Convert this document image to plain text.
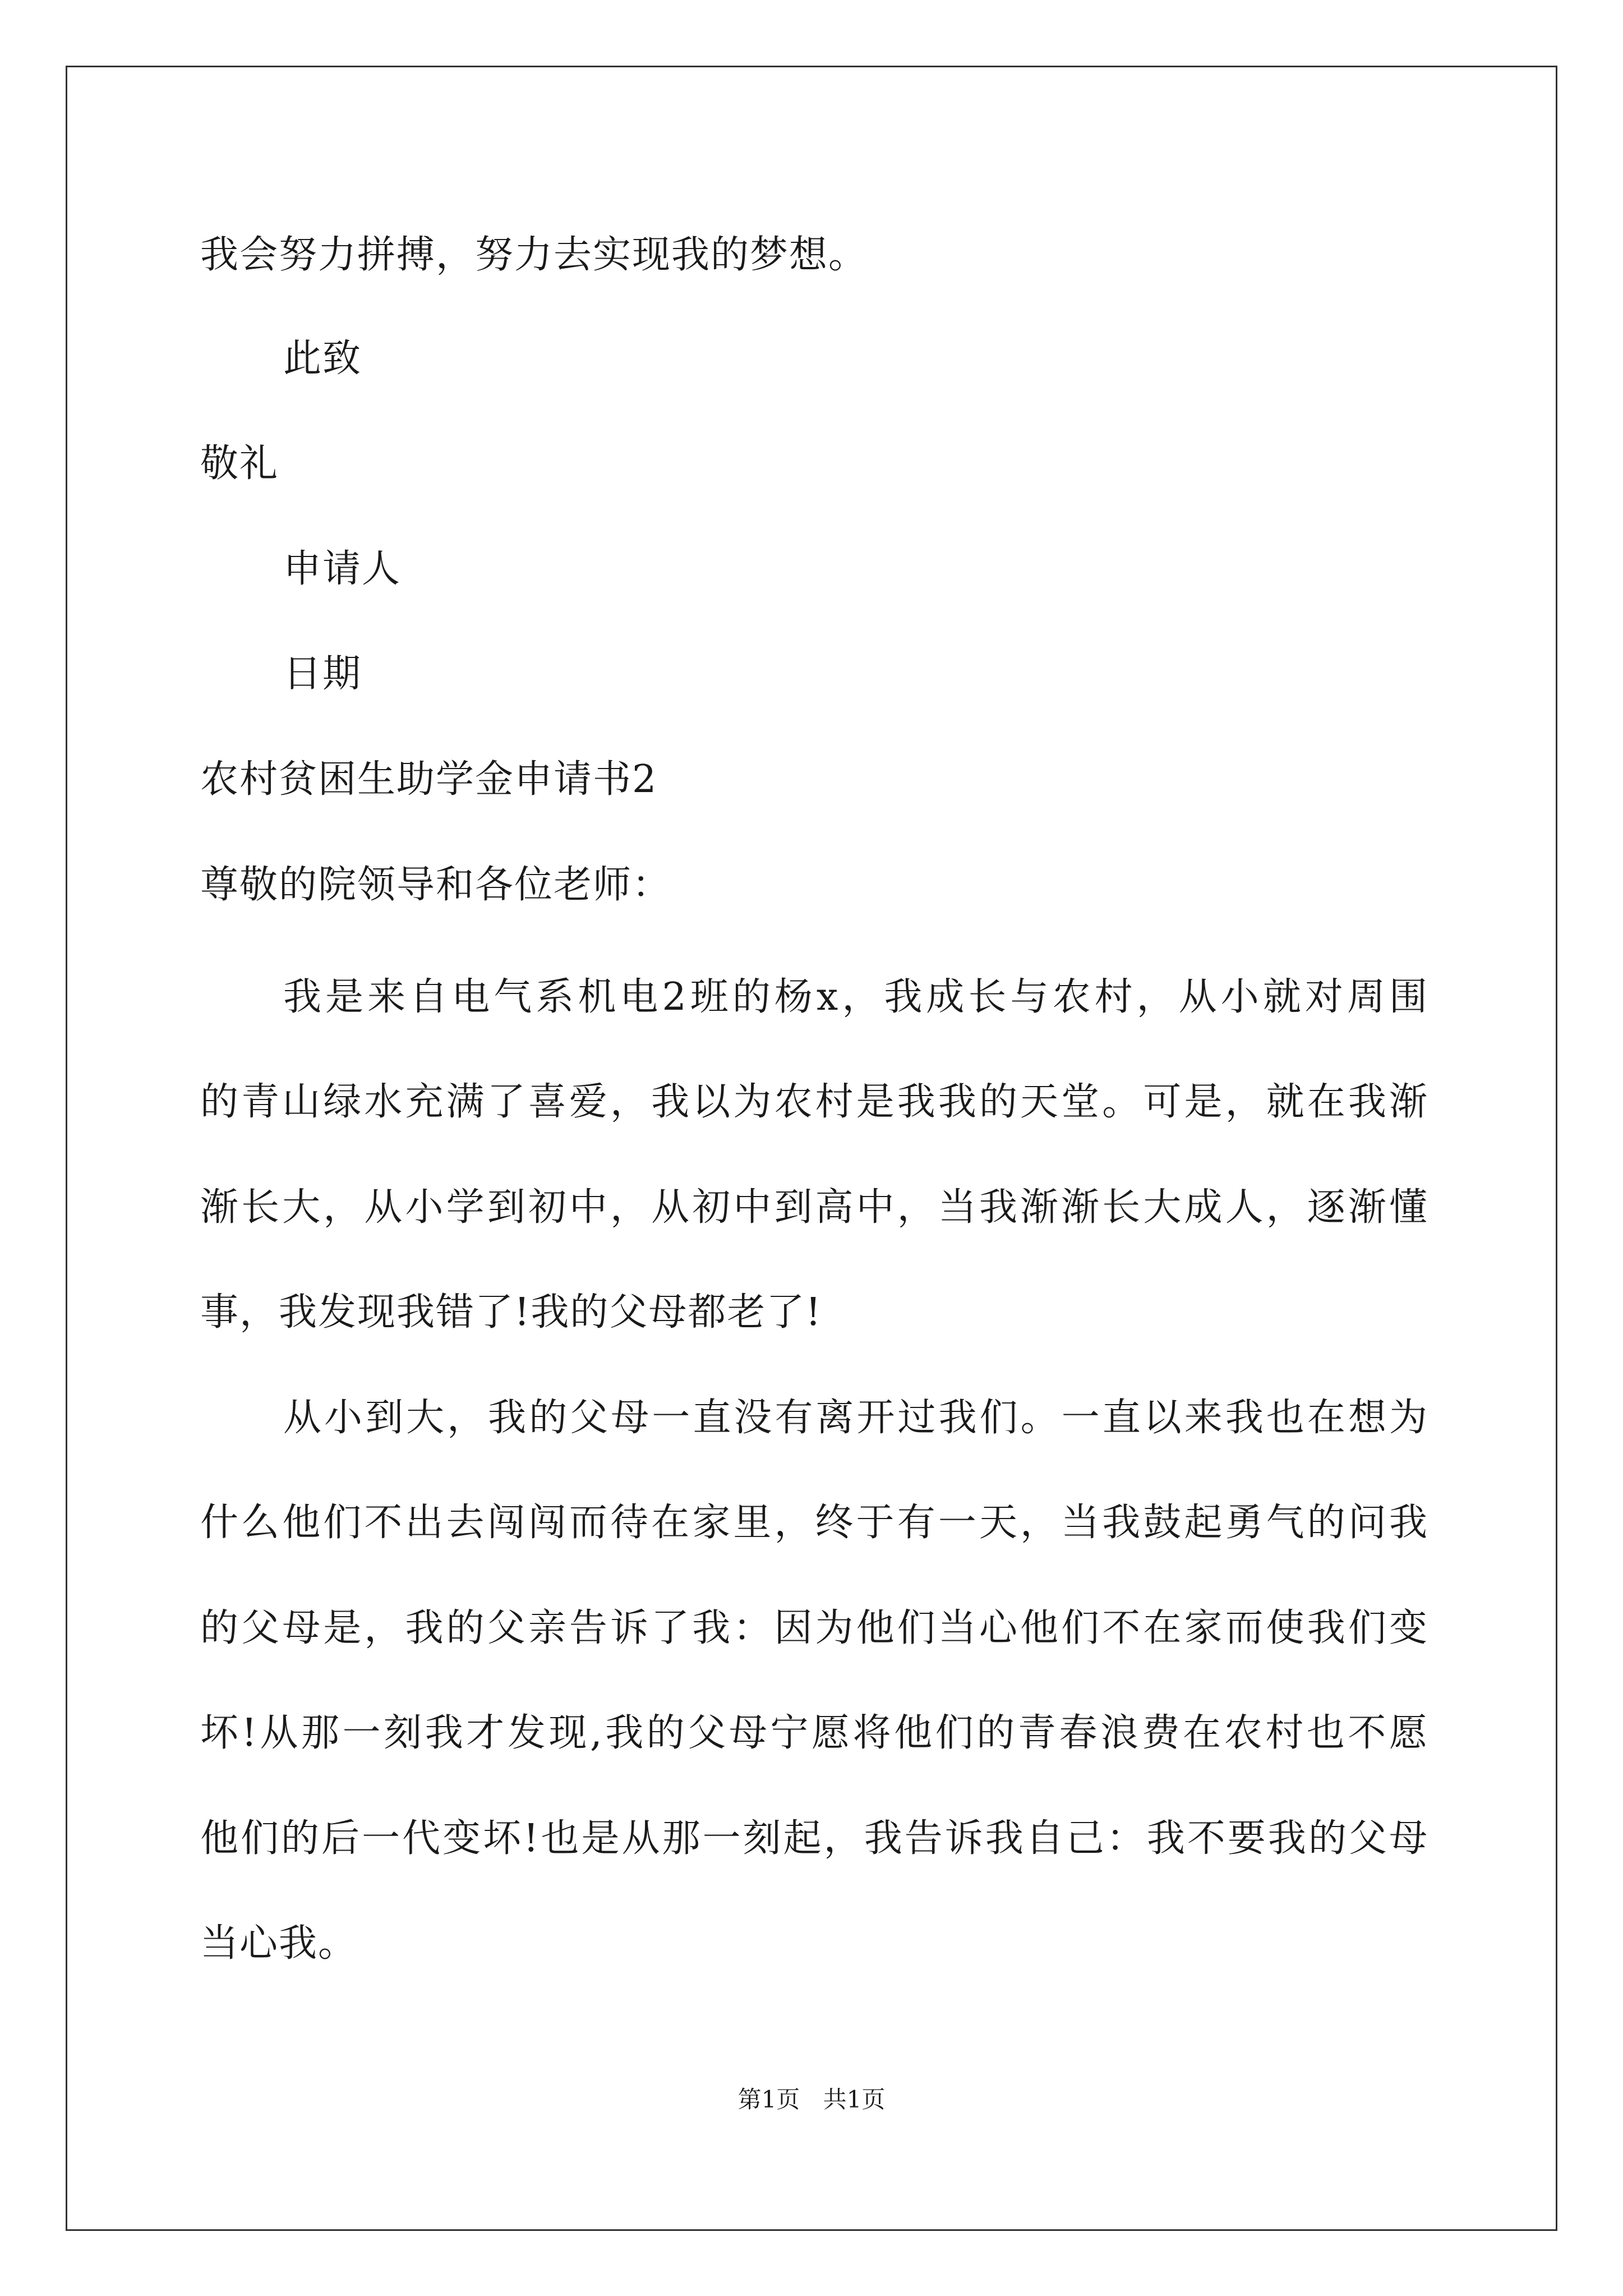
我会努力拼搏，努力去实现我的梦想。
此致
敬礼
申请人
日期
农村贫困生助学金申请书2
尊敬的院领导和各位老师：
我是来自电气系机电2班的杨x，我成长与农村，从小就对周围
的青山绿水充满了喜爱，我以为农村是我我的天堂。可是，就在我渐
渐长大，从小学到初中，从初中到高中，当我渐渐长大成人，逐渐懂
事，我发现我错了!我的父母都老了!
从小到大，我的父母一直没有离开过我们。一直以来我也在想为
什么他们不出去闯闯而待在家里，终于有一天，当我鼓起勇气的问我
的父母是，我的父亲告诉了我：因为他们当心他们不在家而使我们变
坏!从那一刻我才发现,我的父母宁愿将他们的青春浪费在农村也不愿
他们的后一代变坏!也是从那一刻起，我告诉我自己：我不要我的父母
当心我。
第1页 共1页
